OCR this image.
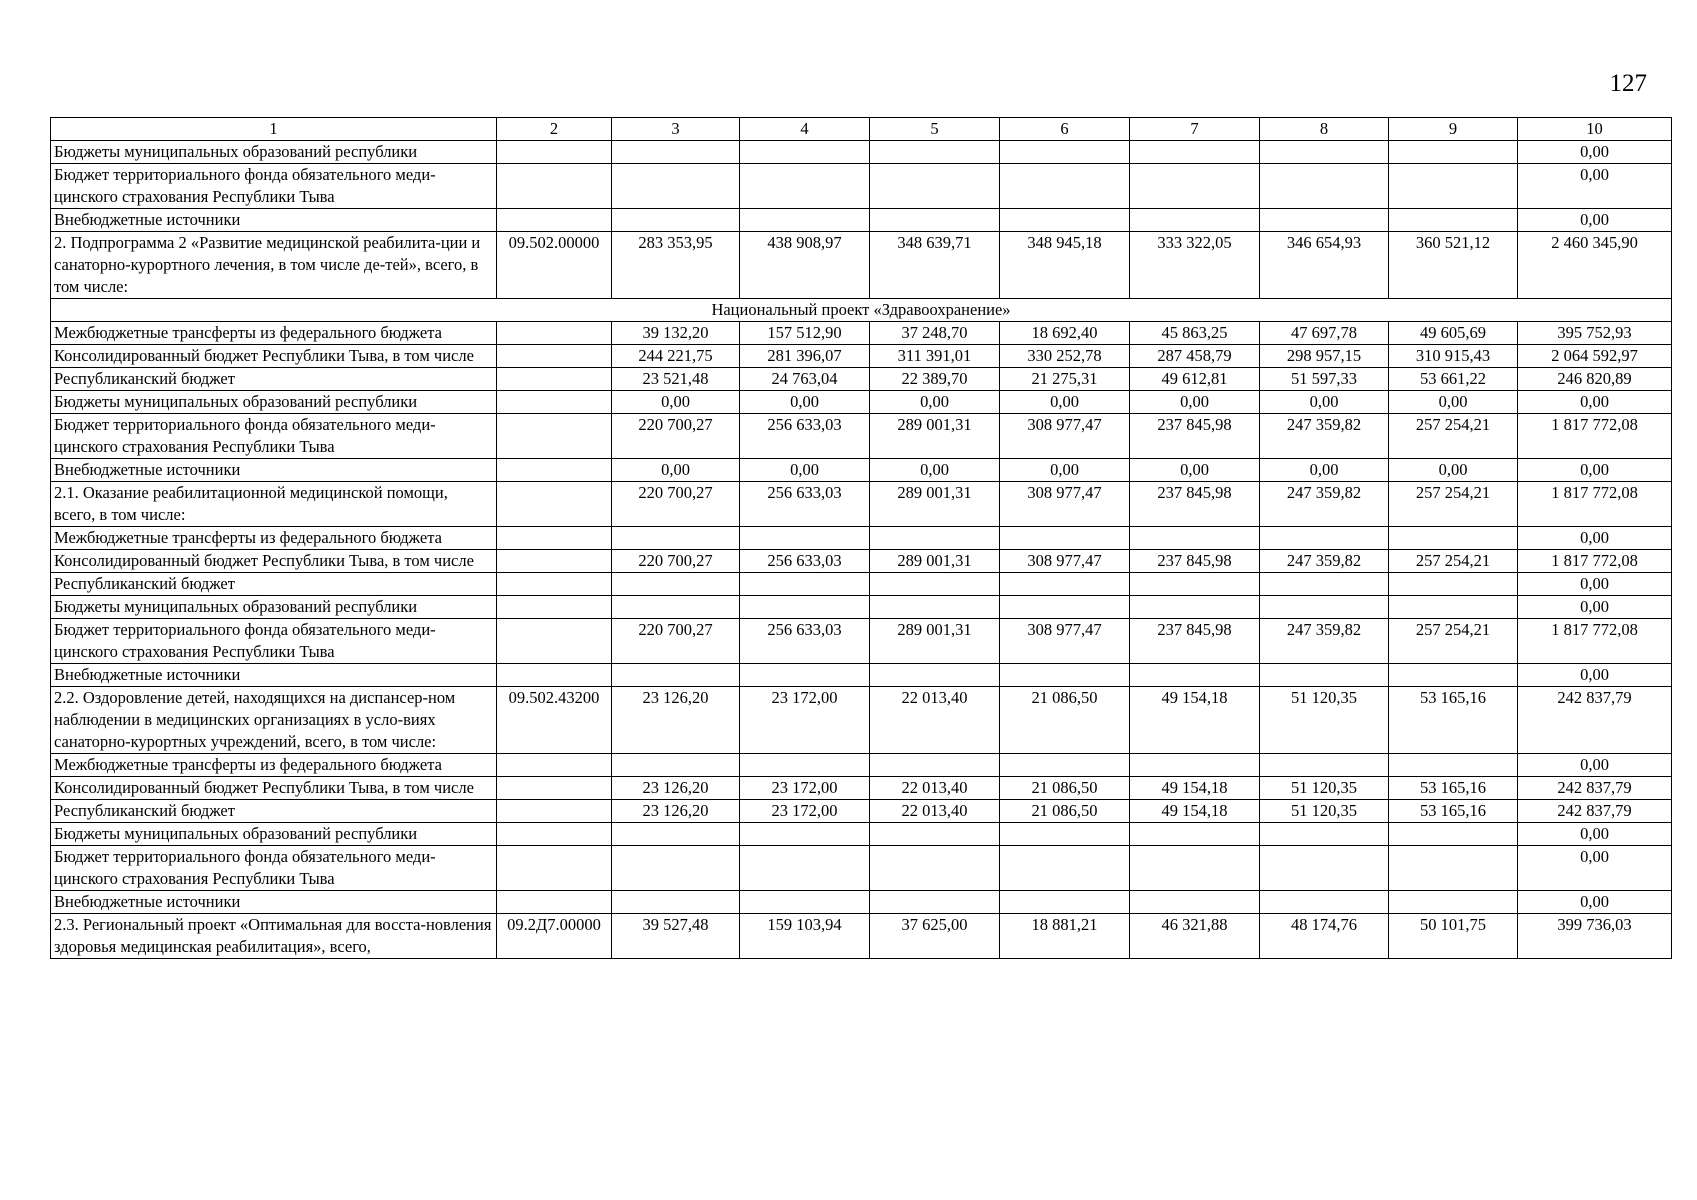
127
1	2	3	4	5	6	7	8	9	10
Бюджеты муниципальных образований республики									0,00
Бюджет территориального фонда обязательного меди-цинского страхования Республики Тыва									0,00
Внебюджетные источники									0,00
2. Подпрограмма 2 «Развитие медицинской реабилита-ции и санаторно-курортного лечения, в том числе де-тей», всего, в том числе:	09.502.00000	283 353,95	438 908,97	348 639,71	348 945,18	333 322,05	346 654,93	360 521,12	2 460 345,90
Национальный проект «Здравоохранение»									
Межбюджетные трансферты из федерального бюджета		39 132,20	157 512,90	37 248,70	18 692,40	45 863,25	47 697,78	49 605,69	395 752,93
Консолидированный бюджет Республики Тыва, в том числе		244 221,75	281 396,07	311 391,01	330 252,78	287 458,79	298 957,15	310 915,43	2 064 592,97
Республиканский бюджет		23 521,48	24 763,04	22 389,70	21 275,31	49 612,81	51 597,33	53 661,22	246 820,89
Бюджеты муниципальных образований республики		0,00	0,00	0,00	0,00	0,00	0,00	0,00	0,00
Бюджет территориального фонда обязательного меди-цинского страхования Республики Тыва		220 700,27	256 633,03	289 001,31	308 977,47	237 845,98	247 359,82	257 254,21	1 817 772,08
Внебюджетные источники		0,00	0,00	0,00	0,00	0,00	0,00	0,00	0,00
2.1. Оказание реабилитационной медицинской помощи, всего, в том числе:		220 700,27	256 633,03	289 001,31	308 977,47	237 845,98	247 359,82	257 254,21	1 817 772,08
Межбюджетные трансферты из федерального бюджета									0,00
Консолидированный бюджет Республики Тыва, в том числе		220 700,27	256 633,03	289 001,31	308 977,47	237 845,98	247 359,82	257 254,21	1 817 772,08
Республиканский бюджет									0,00
Бюджеты муниципальных образований республики									0,00
Бюджет территориального фонда обязательного меди-цинского страхования Республики Тыва		220 700,27	256 633,03	289 001,31	308 977,47	237 845,98	247 359,82	257 254,21	1 817 772,08
Внебюджетные источники									0,00
2.2. Оздоровление детей, находящихся на диспансер-ном наблюдении в медицинских организациях в усло-виях санаторно-курортных учреждений, всего, в том числе:	09.502.43200	23 126,20	23 172,00	22 013,40	21 086,50	49 154,18	51 120,35	53 165,16	242 837,79
Межбюджетные трансферты из федерального бюджета									0,00
Консолидированный бюджет Республики Тыва, в том числе		23 126,20	23 172,00	22 013,40	21 086,50	49 154,18	51 120,35	53 165,16	242 837,79
Республиканский бюджет		23 126,20	23 172,00	22 013,40	21 086,50	49 154,18	51 120,35	53 165,16	242 837,79
Бюджеты муниципальных образований республики									0,00
Бюджет территориального фонда обязательного меди-цинского страхования Республики Тыва									0,00
Внебюджетные источники									0,00
2.3. Региональный проект «Оптимальная для восста-новления здоровья медицинская реабилитация», всего,	09.2Д7.00000	39 527,48	159 103,94	37 625,00	18 881,21	46 321,88	48 174,76	50 101,75	399 736,03
